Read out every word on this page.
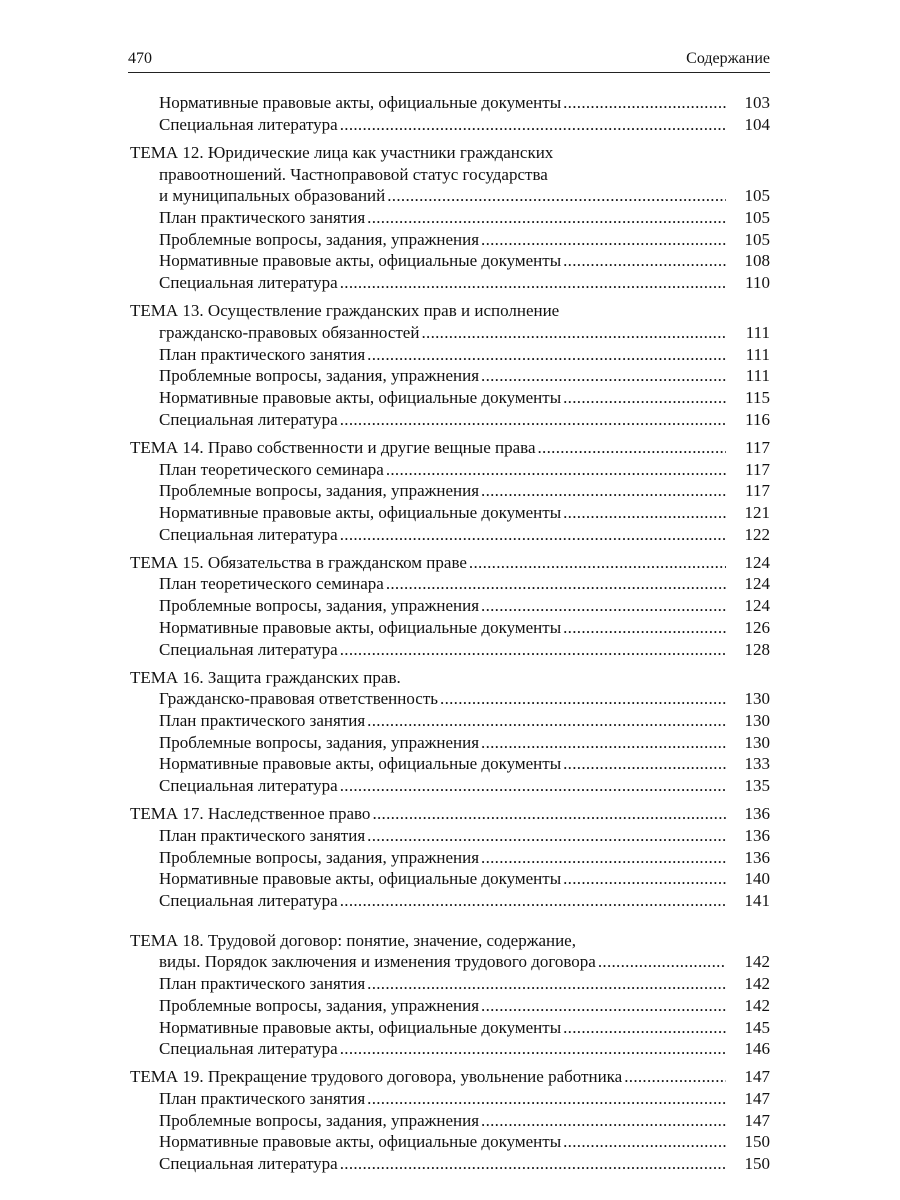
470	Содержание
Нормативные правовые акты, официальные документы .....	103
Специальная литература .....	104
ТЕМА 12. Юридические лица как участники гражданских
правоотношений. Частноправовой статус государства
и муниципальных образований .....	105
План практического занятия .....	105
Проблемные вопросы, задания, упражнения .....	105
Нормативные правовые акты, официальные документы .....	108
Специальная литература .....	110
ТЕМА 13. Осуществление гражданских прав и исполнение
гражданско-правовых обязанностей .....	111
План практического занятия .....	111
Проблемные вопросы, задания, упражнения .....	111
Нормативные правовые акты, официальные документы .....	115
Специальная литература .....	116
ТЕМА 14. Право собственности и другие вещные права .....	117
План теоретического семинара .....	117
Проблемные вопросы, задания, упражнения .....	117
Нормативные правовые акты, официальные документы .....	121
Специальная литература .....	122
ТЕМА 15. Обязательства в гражданском праве .....	124
План теоретического семинара .....	124
Проблемные вопросы, задания, упражнения .....	124
Нормативные правовые акты, официальные документы .....	126
Специальная литература .....	128
ТЕМА 16. Защита гражданских прав.
Гражданско-правовая ответственность .....	130
План практического занятия .....	130
Проблемные вопросы, задания, упражнения .....	130
Нормативные правовые акты, официальные документы .....	133
Специальная литература .....	135
ТЕМА 17. Наследственное право .....	136
План практического занятия .....	136
Проблемные вопросы, задания, упражнения .....	136
Нормативные правовые акты, официальные документы .....	140
Специальная литература .....	141
ТЕМА 18. Трудовой договор: понятие, значение, содержание,
виды. Порядок заключения и изменения трудового договора .....	142
План практического занятия .....	142
Проблемные вопросы, задания, упражнения .....	142
Нормативные правовые акты, официальные документы .....	145
Специальная литература .....	146
ТЕМА 19. Прекращение трудового договора, увольнение работника .....	147
План практического занятия .....	147
Проблемные вопросы, задания, упражнения .....	147
Нормативные правовые акты, официальные документы .....	150
Специальная литература .....	150
